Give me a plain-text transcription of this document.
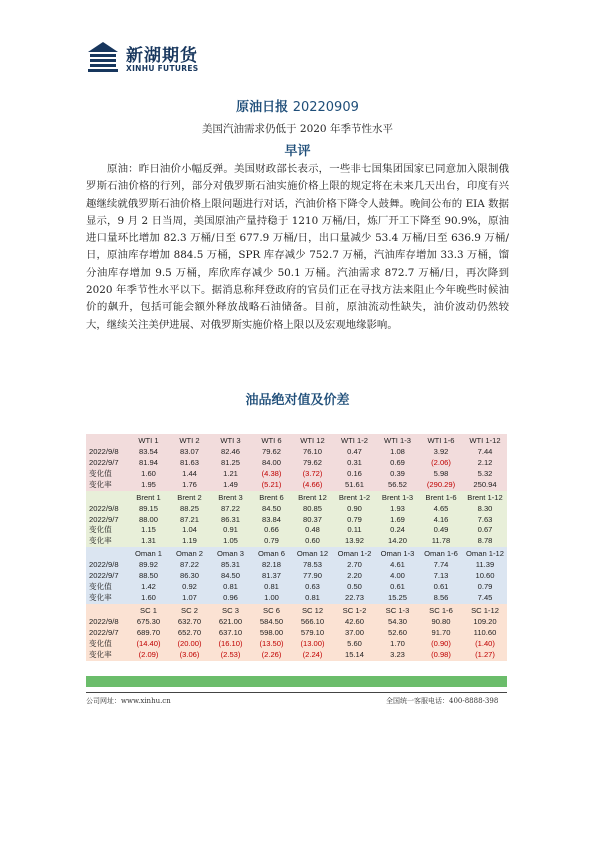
新湖期货
XINHU FUTURES
原油日报 20220909
美国汽油需求仍低于 2020 年季节性水平
早评

原油：昨日油价小幅反弹。美国财政部长表示，一些非七国集团国家已同意加入限制俄罗斯石油价格的行列，部分对俄罗斯石油实施价格上限的规定将在未来几天出台，印度有兴趣继续就俄罗斯石油价格上限问题进行对话，汽油价格下降令人鼓舞。晚间公布的 EIA 数据显示，9 月 2 日当周，美国原油产量持稳于 1210 万桶/日，炼厂开工下降至 90.9%，原油进口量环比增加 82.3 万桶/日至 677.9 万桶/日，出口量减少 53.4 万桶/日至 636.9 万桶/日，原油库存增加 884.5 万桶，SPR 库存减少 752.7 万桶，汽油库存增加 33.3 万桶，馏分油库存增加 9.5 万桶，库欣库存减少 50.1 万桶。汽油需求 872.7 万桶/日，再次降到 2020 年季节性水平以下。据消息称拜登政府的官员们正在寻找方法来阻止今年晚些时候油价的飙升，包括可能会额外释放战略石油储备。目前，原油流动性缺失，油价波动仍然较大，继续关注美伊进展、对俄罗斯实施价格上限以及宏观地缘影响。

油品绝对值及价差
	WTI 1	WTI 2	WTI 3	WTI 6	WTI 12	WTI 1-2	WTI 1-3	WTI 1-6	WTI 1-12
2022/9/8	83.54	83.07	82.46	79.62	76.10	0.47	1.08	3.92	7.44
2022/9/7	81.94	81.63	81.25	84.00	79.62	0.31	0.69	(2.06)	2.12
变化值	1.60	1.44	1.21	(4.38)	(3.72)	0.16	0.39	5.98	5.32
变化率	1.95	1.76	1.49	(5.21)	(4.66)	51.61	56.52	(290.29)	250.94
	Brent 1	Brent 2	Brent 3	Brent 6	Brent 12	Brent 1-2	Brent 1-3	Brent 1-6	Brent 1-12
2022/9/8	89.15	88.25	87.22	84.50	80.85	0.90	1.93	4.65	8.30
2022/9/7	88.00	87.21	86.31	83.84	80.37	0.79	1.69	4.16	7.63
变化值	1.15	1.04	0.91	0.66	0.48	0.11	0.24	0.49	0.67
变化率	1.31	1.19	1.05	0.79	0.60	13.92	14.20	11.78	8.78
	Oman 1	Oman 2	Oman 3	Oman 6	Oman 12	Oman 1-2	Oman 1-3	Oman 1-6	Oman 1-12
2022/9/8	89.92	87.22	85.31	82.18	78.53	2.70	4.61	7.74	11.39
2022/9/7	88.50	86.30	84.50	81.37	77.90	2.20	4.00	7.13	10.60
变化值	1.42	0.92	0.81	0.81	0.63	0.50	0.61	0.61	0.79
变化率	1.60	1.07	0.96	1.00	0.81	22.73	15.25	8.56	7.45
	SC 1	SC 2	SC 3	SC 6	SC 12	SC 1-2	SC 1-3	SC 1-6	SC 1-12
2022/9/8	675.30	632.70	621.00	584.50	566.10	42.60	54.30	90.80	109.20
2022/9/7	689.70	652.70	637.10	598.00	579.10	37.00	52.60	91.70	110.60
变化值	(14.40)	(20.00)	(16.10)	(13.50)	(13.00)	5.60	1.70	(0.90)	(1.40)
变化率	(2.09)	(3.06)	(2.53)	(2.26)	(2.24)	15.14	3.23	(0.98)	(1.27)
公司网址：www.xinhu.cn	全国统一客服电话：400-8888-398
